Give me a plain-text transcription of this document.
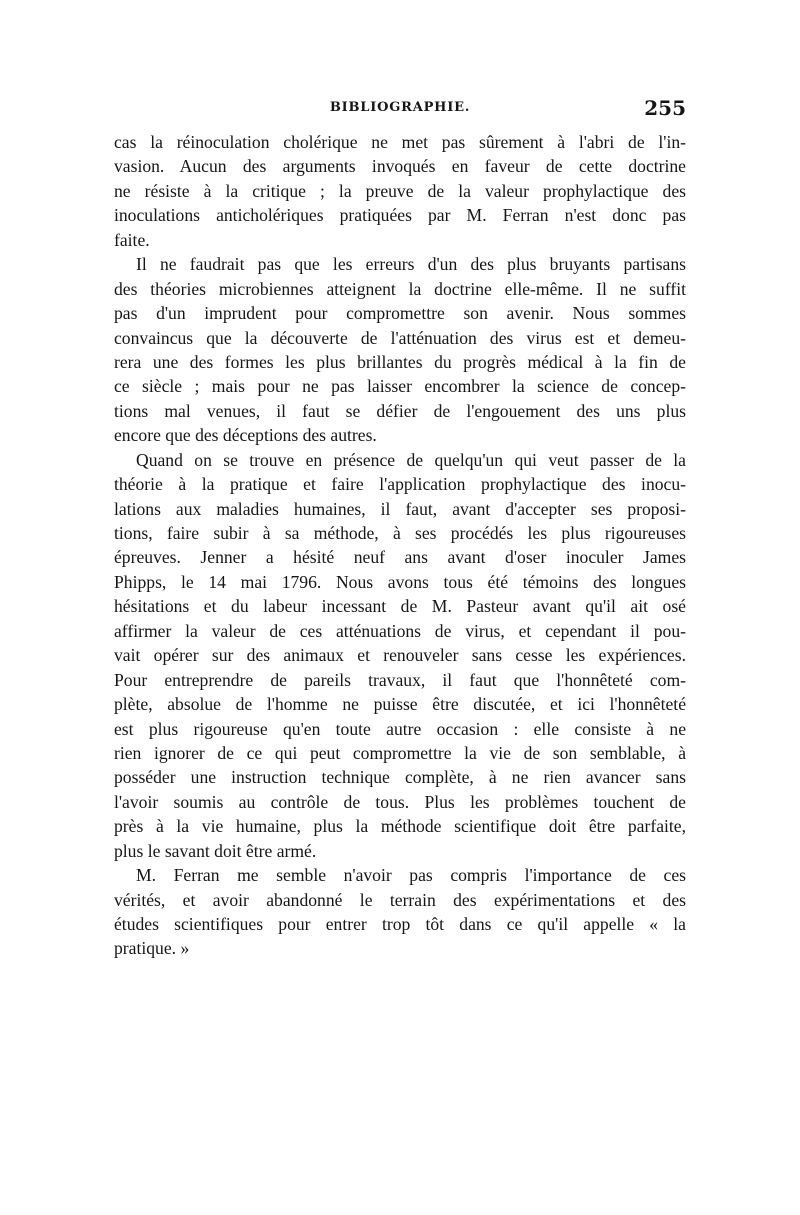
BIBLIOGRAPHIE.	255
cas la réinoculation cholérique ne met pas sûrement à l'abri de l'in-
vasion. Aucun des arguments invoqués en faveur de cette doctrine
ne résiste à la critique ; la preuve de la valeur prophylactique des
inoculations anticholériques pratiquées par M. Ferran n'est donc pas
faite.
Il ne faudrait pas que les erreurs d'un des plus bruyants partisans
des théories microbiennes atteignent la doctrine elle-même. Il ne suffit
pas d'un imprudent pour compromettre son avenir. Nous sommes
convaincus que la découverte de l'atténuation des virus est et demeu-
rera une des formes les plus brillantes du progrès médical à la fin de
ce siècle ; mais pour ne pas laisser encombrer la science de concep-
tions mal venues, il faut se défier de l'engouement des uns plus
encore que des déceptions des autres.
Quand on se trouve en présence de quelqu'un qui veut passer de la
théorie à la pratique et faire l'application prophylactique des inocu-
lations aux maladies humaines, il faut, avant d'accepter ses proposi-
tions, faire subir à sa méthode, à ses procédés les plus rigoureuses
épreuves. Jenner a hésité neuf ans avant d'oser inoculer James
Phipps, le 14 mai 1796. Nous avons tous été témoins des longues
hésitations et du labeur incessant de M. Pasteur avant qu'il ait osé
affirmer la valeur de ces atténuations de virus, et cependant il pou-
vait opérer sur des animaux et renouveler sans cesse les expériences.
Pour entreprendre de pareils travaux, il faut que l'honnêteté com-
plète, absolue de l'homme ne puisse être discutée, et ici l'honnêteté
est plus rigoureuse qu'en toute autre occasion : elle consiste à ne
rien ignorer de ce qui peut compromettre la vie de son semblable, à
posséder une instruction technique complète, à ne rien avancer sans
l'avoir soumis au contrôle de tous. Plus les problèmes touchent de
près à la vie humaine, plus la méthode scientifique doit être parfaite,
plus le savant doit être armé.
M. Ferran me semble n'avoir pas compris l'importance de ces
vérités, et avoir abandonné le terrain des expérimentations et des
études scientifiques pour entrer trop tôt dans ce qu'il appelle « la
pratique. »
